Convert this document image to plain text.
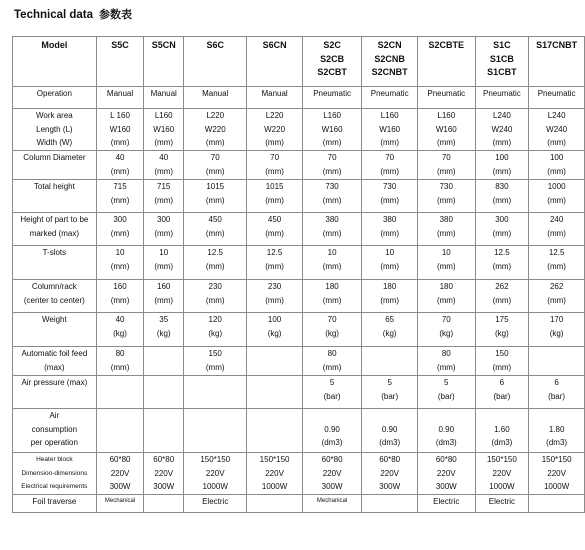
Technical data 参数表
Model	S5C	S5CN	S6C	S6CN	S2C
S2CB
S2CBT	S2CN
S2CNB
S2CNBT	S2CBTE	S1C
S1CB
S1CBT	S17CNBT

Operation	Manual	Manual	Manual	Manual	Pneumatic	Pneumatic	Pneumatic	Pneumatic	Pneumatic

Work area
Length (L)
Width (W)	L 160
W160
(mm)	L160
W160
(mm)	L220
W220
(mm)	L220
W220
(mm)	L160
W160
(mm)	L160
W160
(mm)	L160
W160
(mm)	L240
W240
(mm)	L240
W240
(mm)

Column Diameter	40
(mm)	40
(mm)	70
(mm)	70
(mm)	70
(mm)	70
(mm)	70
(mm)	100
(mm)	100
(mm)

Total height	715
(mm)	715
(mm)	1015
(mm)	1015
(mm)	730
(mm)	730
(mm)	730
(mm)	830
(mm)	1000
(mm)

Height of part to be
marked (max)	300
(mm)	300
(mm)	450
(mm)	450
(mm)	380
(mm)	380
(mm)	380
(mm)	300
(mm)	240
(mm)

T-slots	10
(mm)	10
(mm)	12.5
(mm)	12.5
(mm)	10
(mm)	10
(mm)	10
(mm)	12.5
(mm)	12.5
(mm)

Column/rack
(center to center)	160
(mm)	160
(mm)	230
(mm)	230
(mm)	180
(mm)	180
(mm)	180
(mm)	262
(mm)	262
(mm)

Weight	40
(kg)	35
(kg)	120
(kg)	100
(kg)	70
(kg)	65
(kg)	70
(kg)	175
(kg)	170
(kg)

Automatic foil feed
(max)	80
(mm)		150
(mm)		80
(mm)		80
(mm)	150
(mm)	

Air pressure (max)					5
(bar)	5
(bar)	5
(bar)	6
(bar)	6
(bar)

Air
consumption
per operation					0.90
(dm3)	0.90
(dm3)	0.90
(dm3)	1.60
(dm3)	1.80
(dm3)

Heater block
Dimension-dimensions
Electrical requirements	60*80
220V
300W	60*80
220V
300W	150*150
220V
1000W	150*150
220V
1000W	60*80
220V
300W	60*80
220V
300W	60*80
220V
300W	150*150
220V
1000W	150*150
220V
1000W

Foil traverse	Mechanical		Electric		Mechanical		Electric	Electric	
